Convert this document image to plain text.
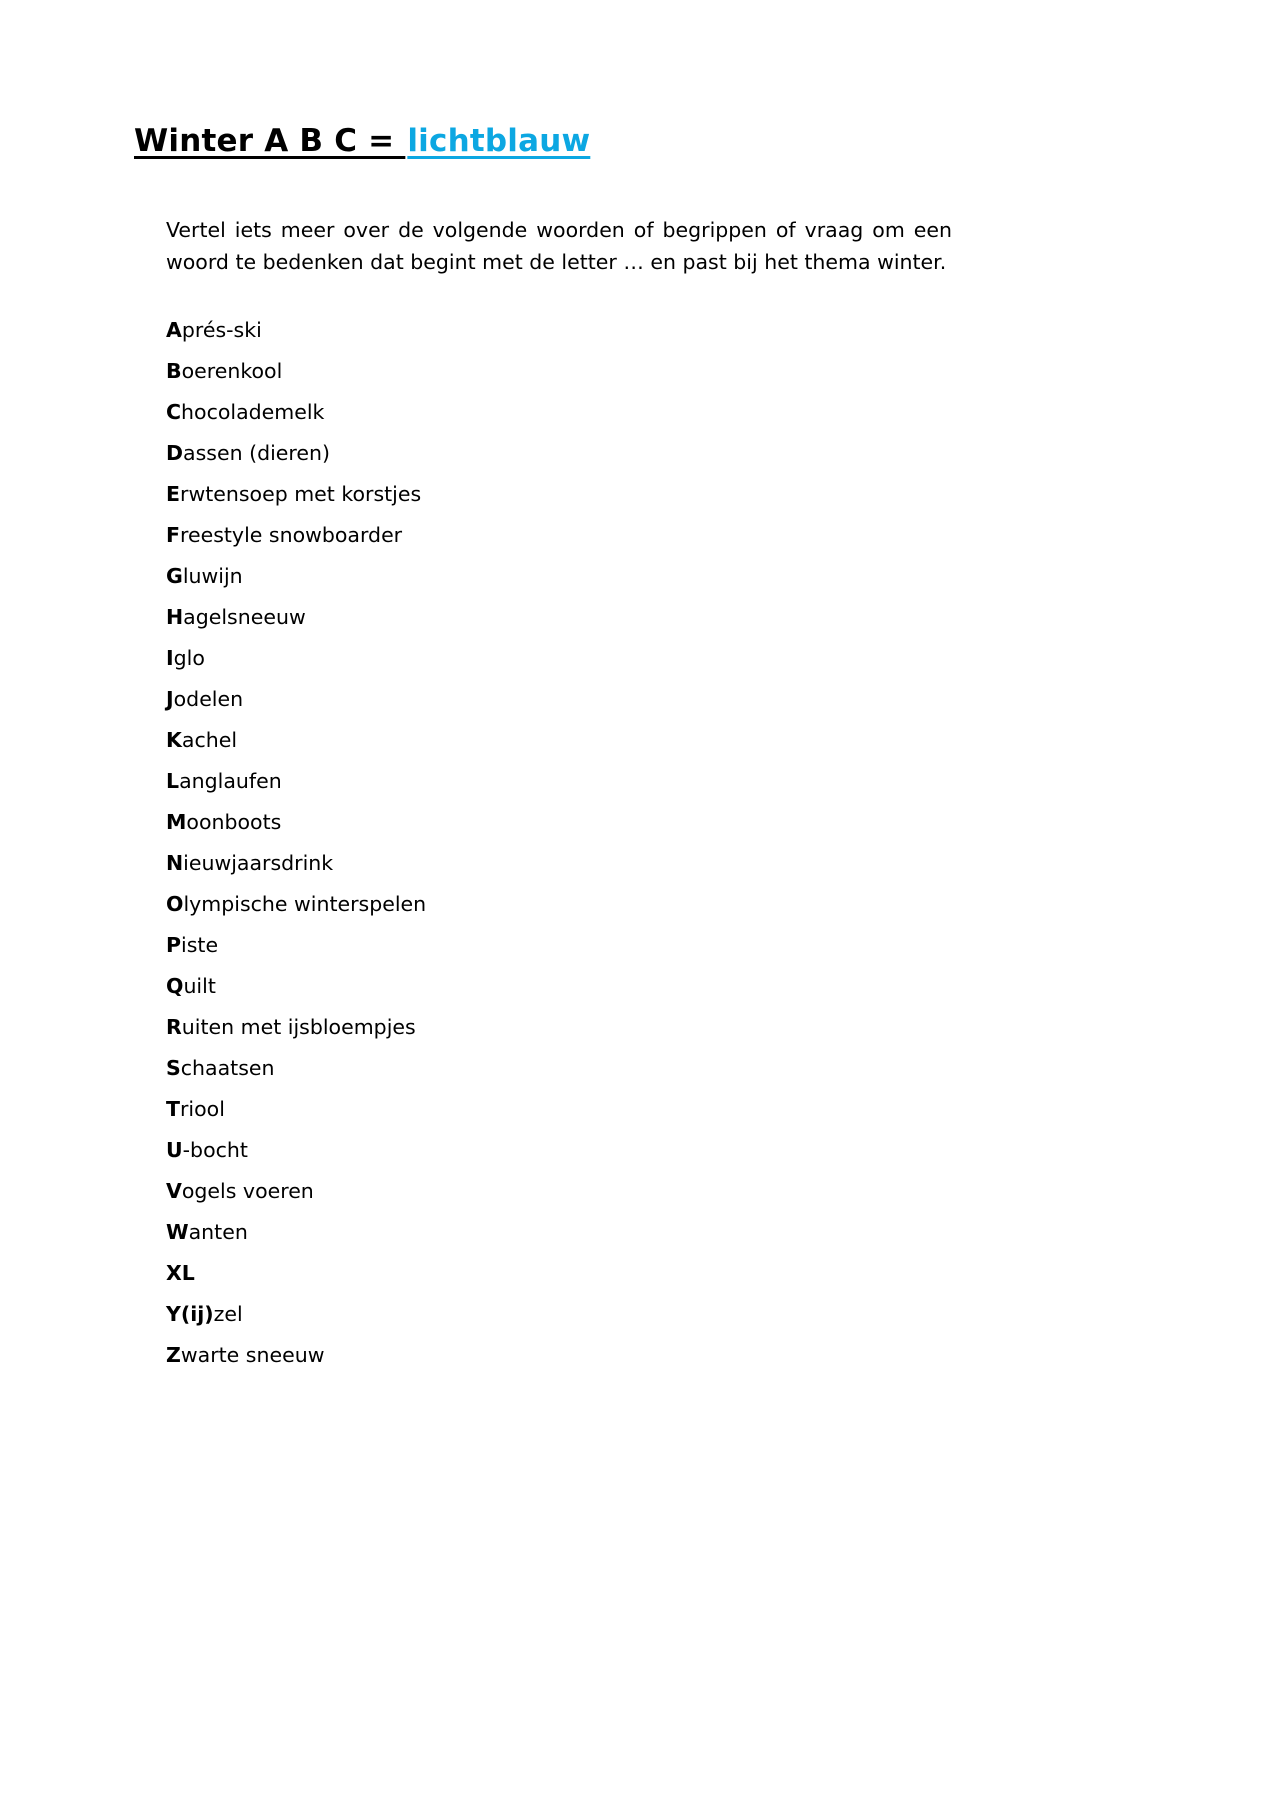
Winter A B C = lichtblauw

Vertel iets meer over de volgende woorden of begrippen of vraag om een woord te bedenken dat begint met de letter … en past bij het thema winter.

Aprés-ski
Boerenkool
Chocolademelk
Dassen (dieren)
Erwtensoep met korstjes
Freestyle snowboarder
Gluwijn
Hagelsneeuw
Iglo
Jodelen
Kachel
Langlaufen
Moonboots
Nieuwjaarsdrink
Olympische winterspelen
Piste
Quilt
Ruiten met ijsbloempjes
Schaatsen
Triool
U-bocht
Vogels voeren
Wanten
XL
Y(ij)zel
Zwarte sneeuw
